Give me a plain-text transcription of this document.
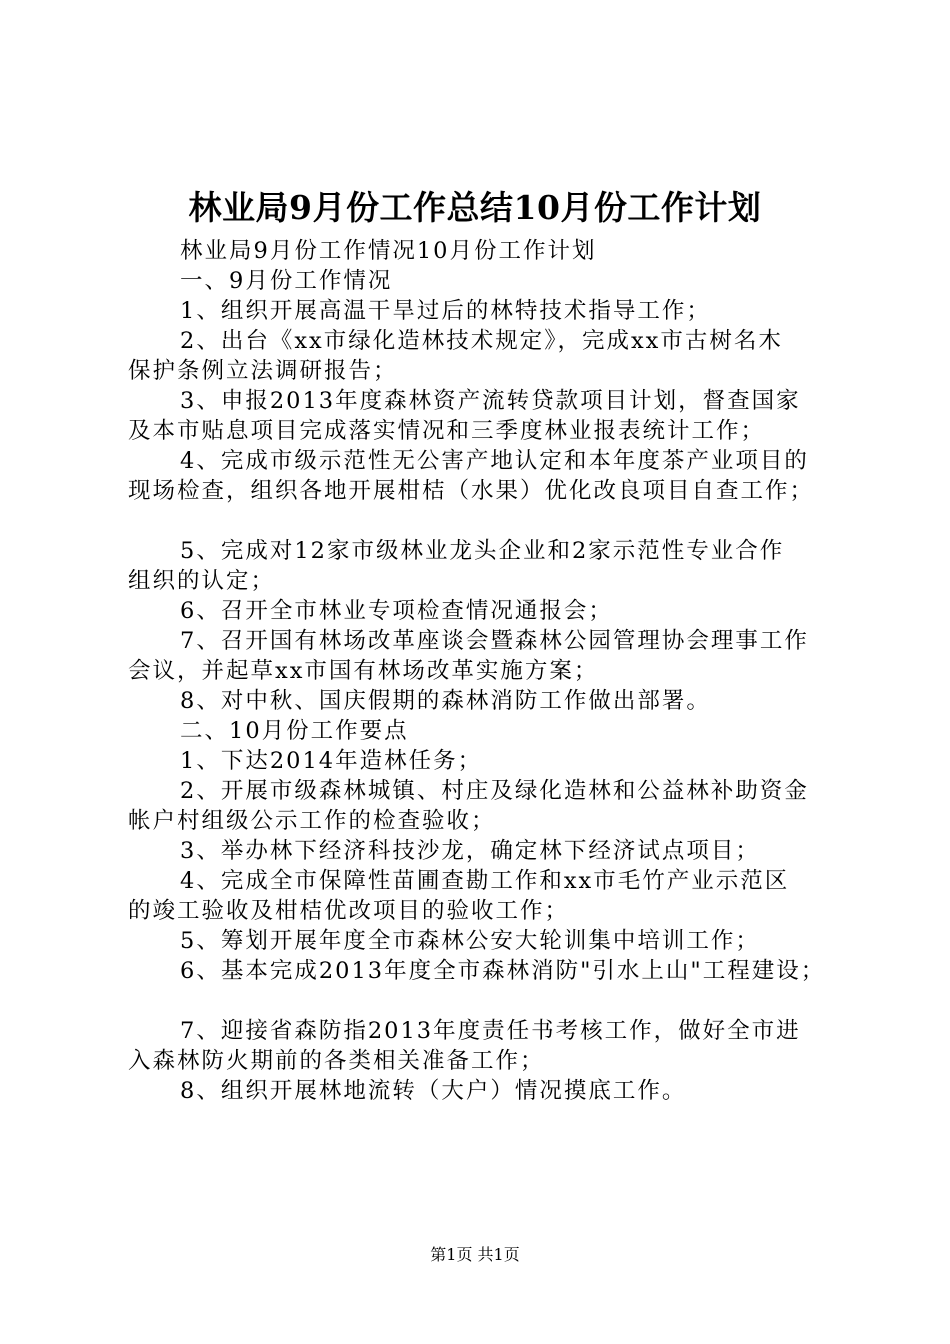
林业局9月份工作总结10月份工作计划
林业局9月份工作情况10月份工作计划
一、9月份工作情况
1、组织开展高温干旱过后的林特技术指导工作；
2、出台《xx市绿化造林技术规定》，完成xx市古树名木
保护条例立法调研报告；
3、申报2013年度森林资产流转贷款项目计划，督查国家
及本市贴息项目完成落实情况和三季度林业报表统计工作；
4、完成市级示范性无公害产地认定和本年度茶产业项目的
现场检查，组织各地开展柑桔（水果）优化改良项目自查工作；
5、完成对12家市级林业龙头企业和2家示范性专业合作
组织的认定；
6、召开全市林业专项检查情况通报会；
7、召开国有林场改革座谈会暨森林公园管理协会理事工作
会议，并起草xx市国有林场改革实施方案；
8、对中秋、国庆假期的森林消防工作做出部署。
二、10月份工作要点
1、下达2014年造林任务；
2、开展市级森林城镇、村庄及绿化造林和公益林补助资金
帐户村组级公示工作的检查验收；
3、举办林下经济科技沙龙，确定林下经济试点项目；
4、完成全市保障性苗圃查勘工作和xx市毛竹产业示范区
的竣工验收及柑桔优改项目的验收工作；
5、筹划开展年度全市森林公安大轮训集中培训工作；
6、基本完成2013年度全市森林消防"引水上山"工程建设；
7、迎接省森防指2013年度责任书考核工作，做好全市进
入森林防火期前的各类相关准备工作；
8、组织开展林地流转（大户）情况摸底工作。
第1页 共1页
